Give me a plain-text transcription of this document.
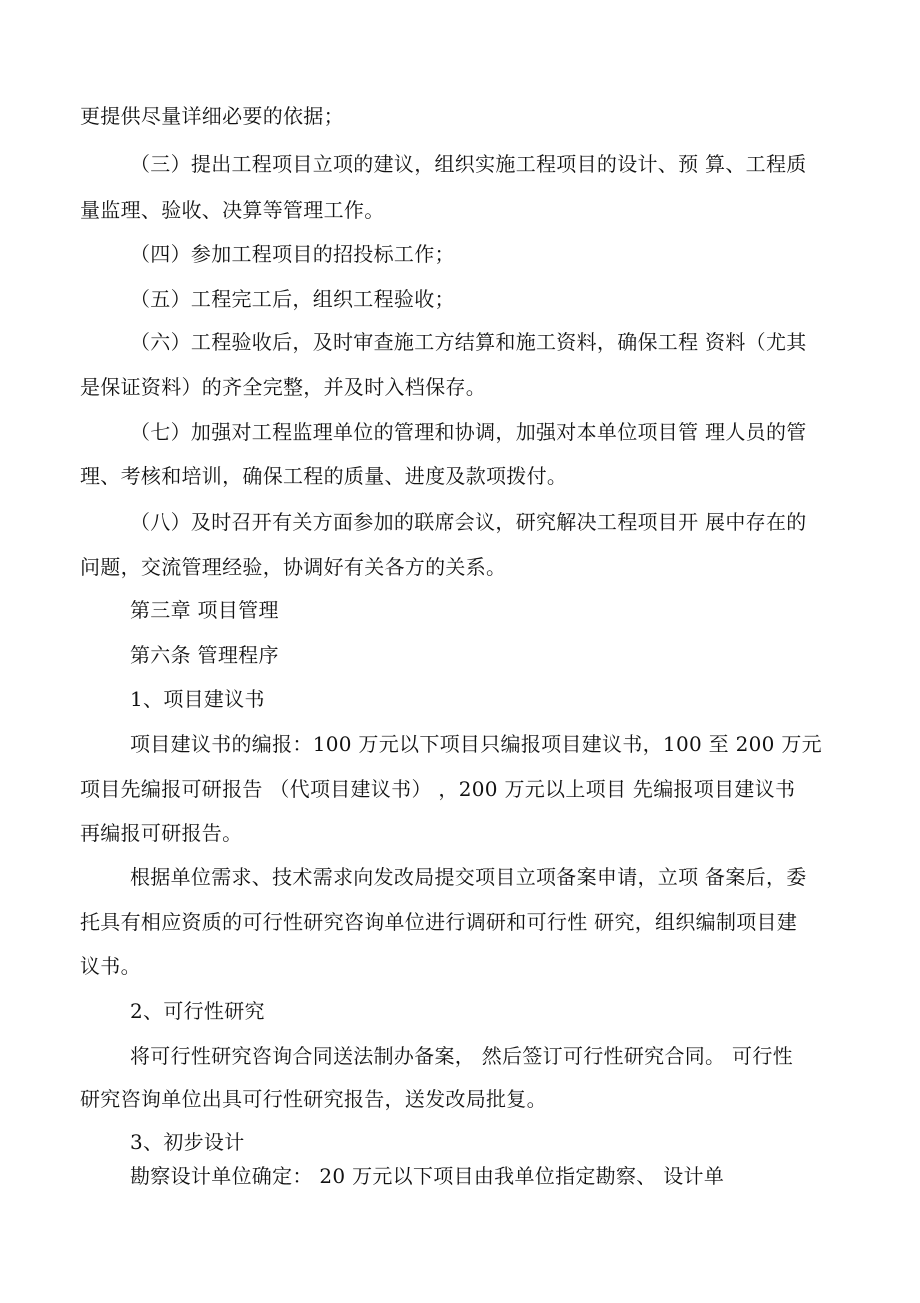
更提供尽量详细必要的依据；
（三）提出工程项目立项的建议，组织实施工程项目的设计、预 算、工程质
量监理、验收、决算等管理工作。
（四）参加工程项目的招投标工作；
（五）工程完工后，组织工程验收；
（六）工程验收后，及时审查施工方结算和施工资料，确保工程 资料（尤其
是保证资料）的齐全完整，并及时入档保存。
（七）加强对工程监理单位的管理和协调，加强对本单位项目管 理人员的管
理、考核和培训，确保工程的质量、进度及款项拨付。
（八）及时召开有关方面参加的联席会议，研究解决工程项目开 展中存在的
问题，交流管理经验，协调好有关各方的关系。
第三章 项目管理
第六条 管理程序
1、项目建议书
项目建议书的编报：100 万元以下项目只编报项目建议书，100 至 200 万元
项目先编报可研报告 （代项目建议书） ，200 万元以上项目 先编报项目建议书
再编报可研报告。
根据单位需求、技术需求向发改局提交项目立项备案申请，立项 备案后，委
托具有相应资质的可行性研究咨询单位进行调研和可行性 研究，组织编制项目建
议书。
2、可行性研究
将可行性研究咨询合同送法制办备案， 然后签订可行性研究合同。 可行性
研究咨询单位出具可行性研究报告，送发改局批复。
3、初步设计
勘察设计单位确定： 20 万元以下项目由我单位指定勘察、 设计单
